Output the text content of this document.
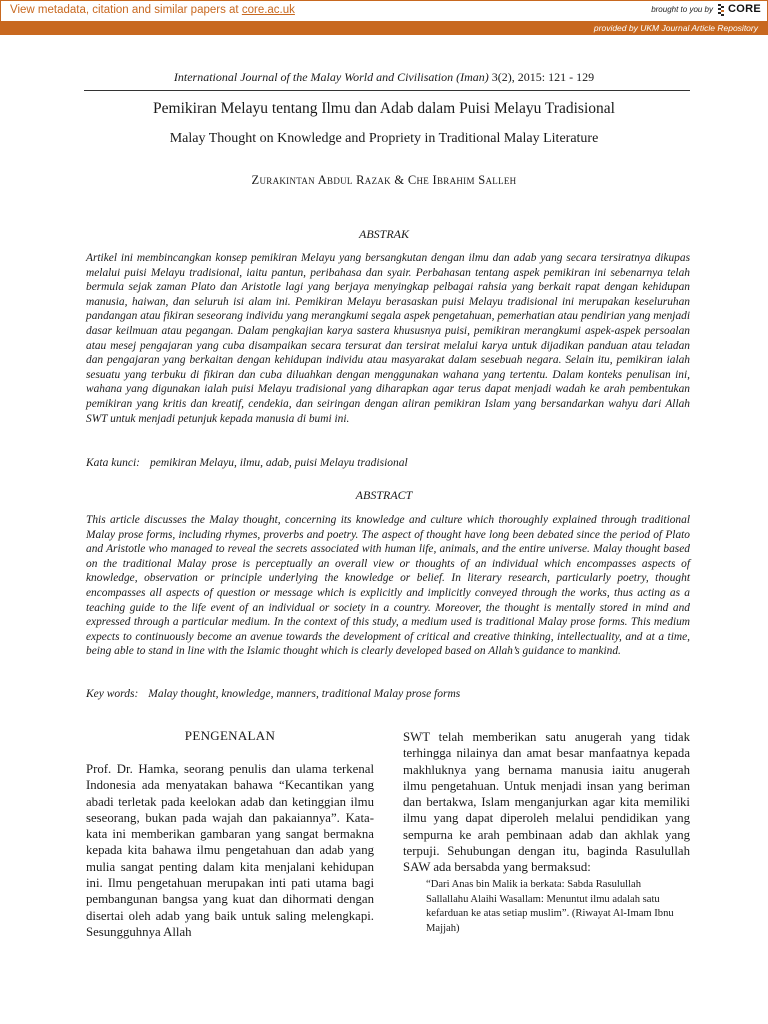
View metadata, citation and similar papers at core.ac.uk	brought to you by CORE
provided by UKM Journal Article Repository
International Journal of the Malay World and Civilisation (Iman) 3(2), 2015: 121 - 129
Pemikiran Melayu tentang Ilmu dan Adab dalam Puisi Melayu Tradisional
Malay Thought on Knowledge and Propriety in Traditional Malay Literature
Zurakintan Abdul Razak & Che Ibrahim Salleh
ABSTRAK

Artikel ini membincangkan konsep pemikiran Melayu yang bersangkutan dengan ilmu dan adab yang secara tersiratnya dikupas melalui puisi Melayu tradisional, iaitu pantun, peribahasa dan syair. Perbahasan tentang aspek pemikiran ini sebenarnya telah bermula sejak zaman Plato dan Aristotle lagi yang berjaya menyingkap pelbagai rahsia yang berkait rapat dengan kehidupan manusia, haiwan, dan seluruh isi alam ini. Pemikiran Melayu berasaskan puisi Melayu tradisional ini merupakan keseluruhan pandangan atau fikiran seseorang individu yang merangkumi segala aspek pengetahuan, pemerhatian atau pendirian yang menjadi dasar keilmuan atau pegangan. Dalam pengkajian karya sastera khususnya puisi, pemikiran merangkumi aspek-aspek persoalan atau mesej pengajaran yang cuba disampaikan secara tersurat dan tersirat melalui karya untuk dijadikan panduan atau teladan dan pengajaran yang berkaitan dengan kehidupan individu atau masyarakat dalam sesebuah negara. Selain itu, pemikiran ialah sesuatu yang terbuku di fikiran dan cuba diluahkan dengan menggunakan wahana yang tertentu. Dalam konteks penulisan ini, wahana yang digunakan ialah puisi Melayu tradisional yang diharapkan agar terus dapat menjadi wadah ke arah pembentukan pemikiran yang kritis dan kreatif, cendekia, dan seiringan dengan aliran pemikiran Islam yang bersandarkan wahyu dari Allah SWT untuk menjadi petunjuk kepada manusia di bumi ini.

Kata kunci: pemikiran Melayu, ilmu, adab, puisi Melayu tradisional

ABSTRACT

This article discusses the Malay thought, concerning its knowledge and culture which thoroughly explained through traditional Malay prose forms, including rhymes, proverbs and poetry. The aspect of thought have long been debated since the period of Plato and Aristotle who managed to reveal the secrets associated with human life, animals, and the entire universe. Malay thought based on the traditional Malay prose is perceptually an overall view or thoughts of an individual which encompasses aspects of knowledge, observation or principle underlying the knowledge or belief. In literary research, particularly poetry, thought encompasses all aspects of question or message which is explicitly and implicitly conveyed through the works, thus acting as a teaching guide to the life event of an individual or society in a country. Moreover, the thought is mentally stored in mind and expressed through a particular medium. In the context of this study, a medium used is traditional Malay prose forms. This medium expects to continuously become an avenue towards the development of critical and creative thinking, intellectuality, and at a time, being able to stand in line with the Islamic thought which is clearly developed based on Allah’s guidance to mankind.

Key words: Malay thought, knowledge, manners, traditional Malay prose forms

PENGENALAN

Prof. Dr. Hamka, seorang penulis dan ulama terkenal Indonesia ada menyatakan bahawa “Kecantikan yang abadi terletak pada keelokan adab dan ketinggian ilmu seseorang, bukan pada wajah dan pakaiannya”. Kata-kata ini memberikan gambaran yang sangat bermakna kepada kita bahawa ilmu pengetahuan dan adab yang mulia sangat penting dalam kita menjalani kehidupan ini. Ilmu pengetahuan merupakan inti pati utama bagi pembangunan bangsa yang kuat dan dihormati dengan disertai oleh adab yang baik untuk saling melengkapi. Sesungguhnya Allah

SWT telah memberikan satu anugerah yang tidak terhingga nilainya dan amat besar manfaatnya kepada makhluknya yang bernama manusia iaitu anugerah ilmu pengetahuan. Untuk menjadi insan yang beriman dan bertakwa, Islam menganjurkan agar kita memiliki ilmu yang dapat diperoleh melalui pendidikan yang sempurna ke arah pembinaan adab dan akhlak yang terpuji. Sehubungan dengan itu, baginda Rasulullah SAW ada bersabda yang bermaksud:

“Dari Anas bin Malik ia berkata: Sabda Rasulullah Sallallahu Alaihi Wasallam: Menuntut ilmu adalah satu kefarduan ke atas setiap muslim”. (Riwayat Al-Imam Ibnu Majjah)
